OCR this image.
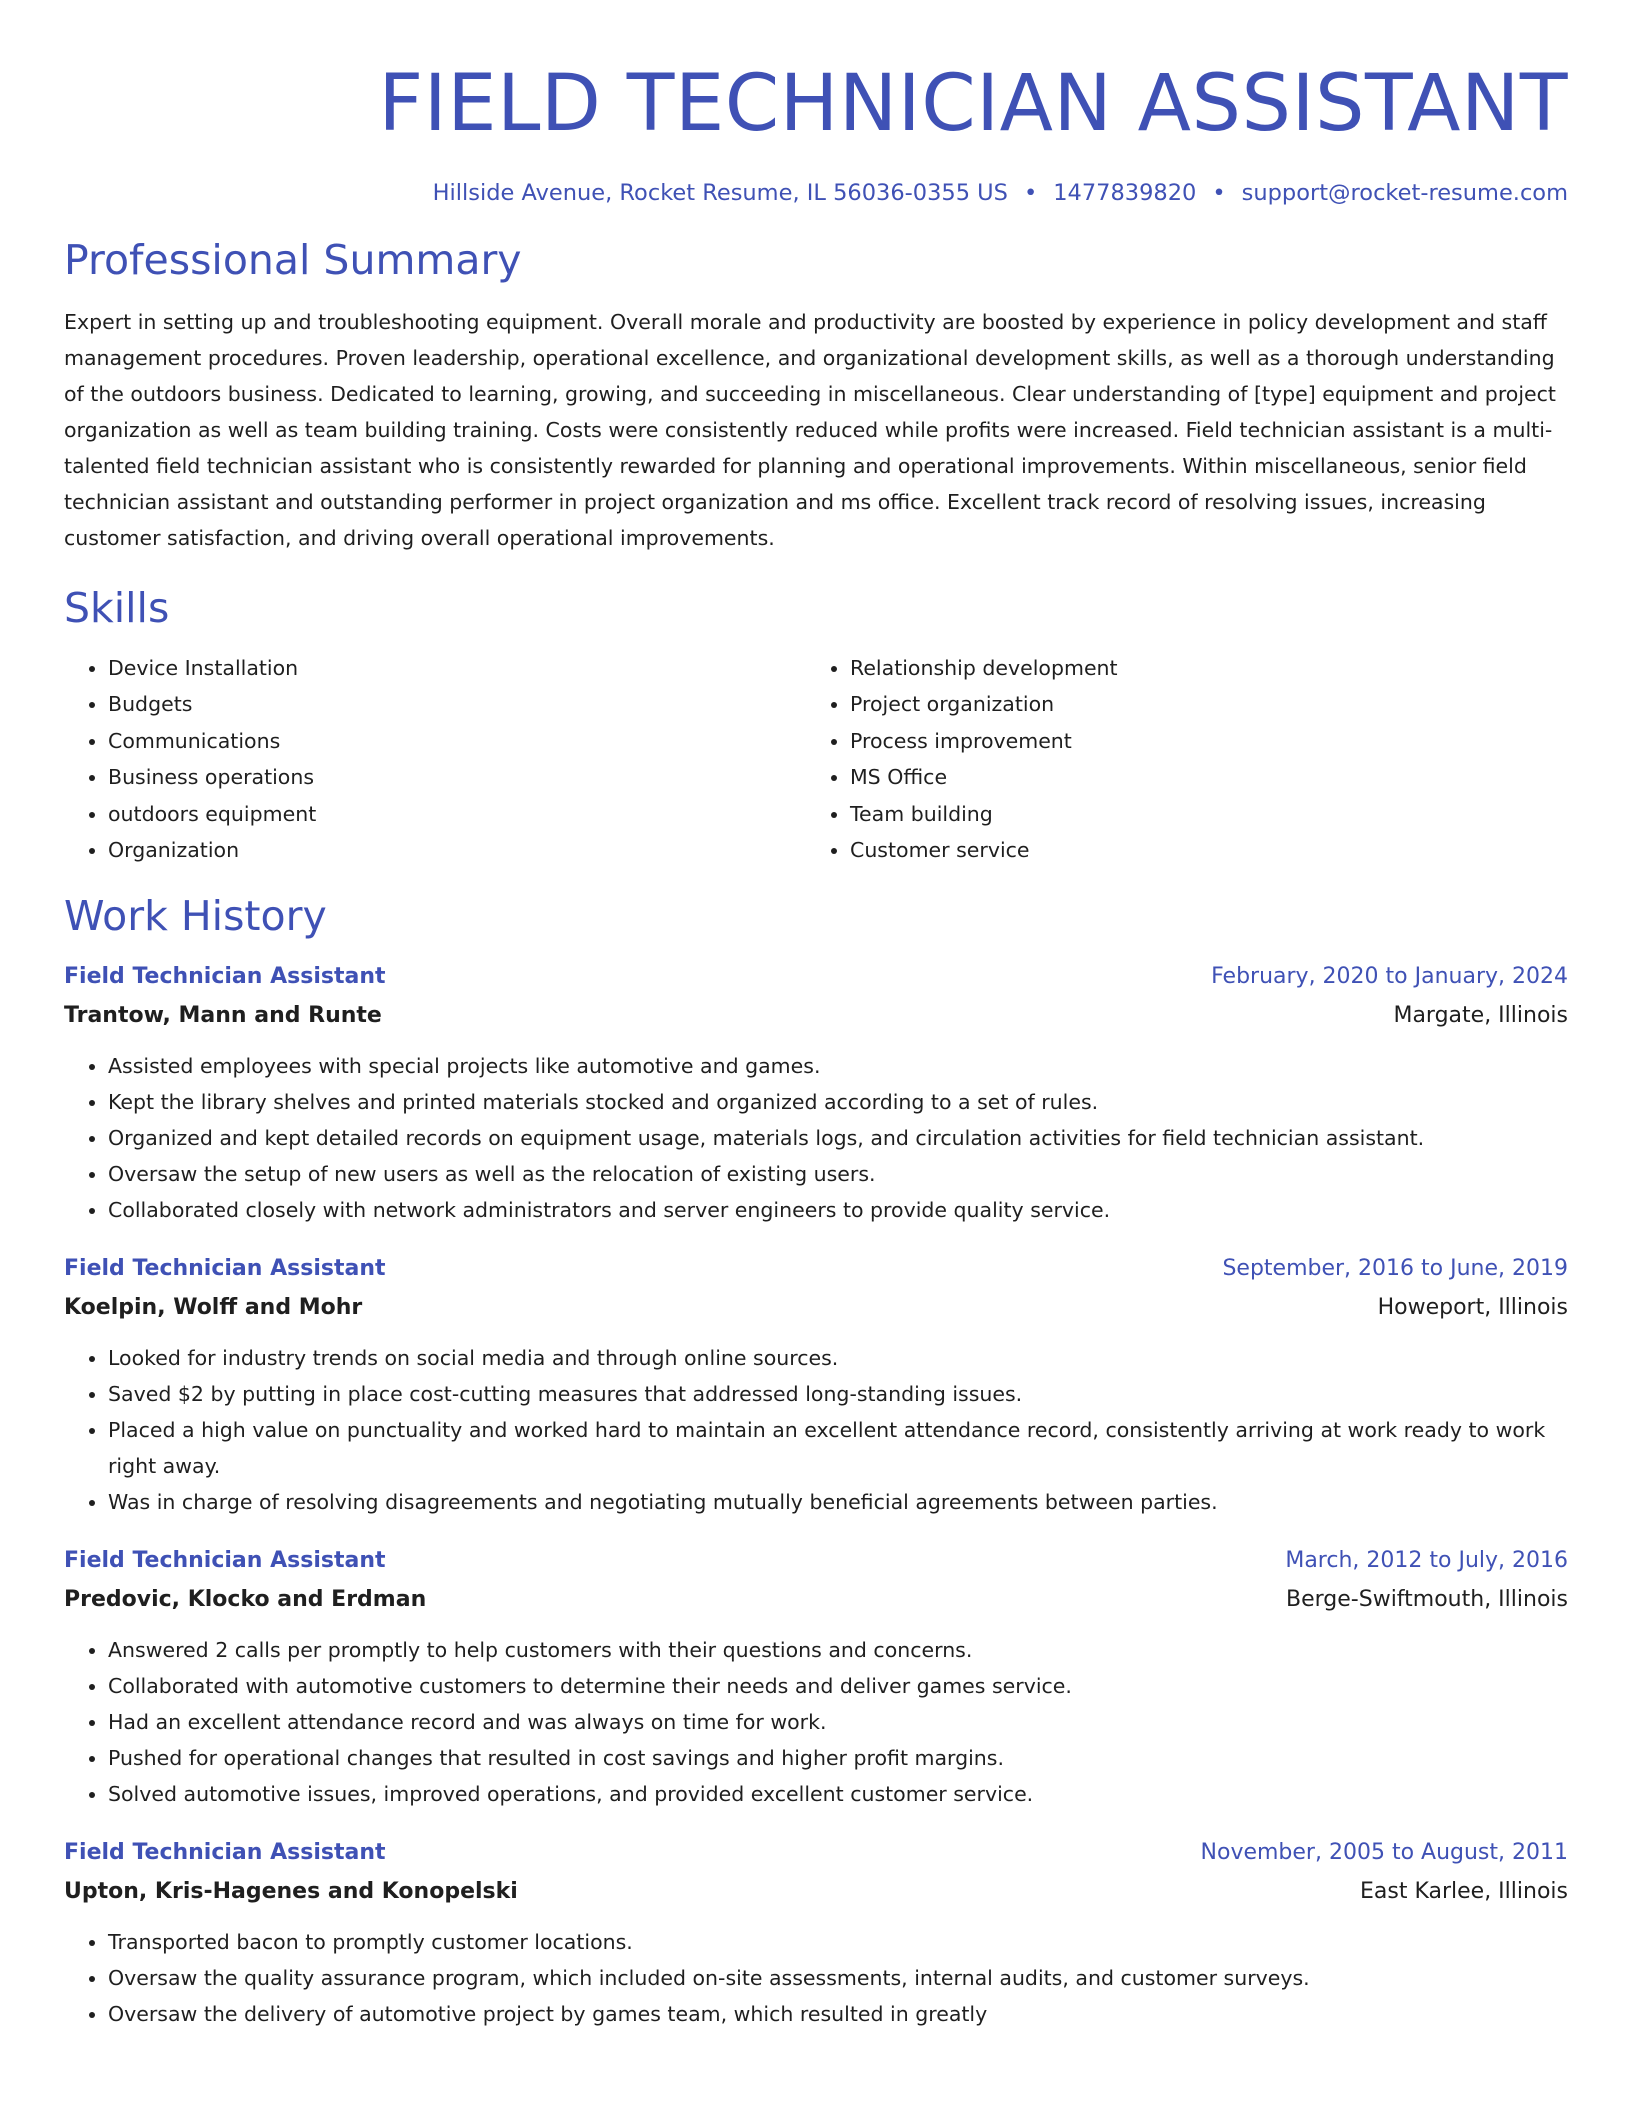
FIELD TECHNICIAN ASSISTANT
Hillside Avenue, Rocket Resume, IL 56036-0355 US • 1477839820 • support@rocket-resume.com
Professional Summary

Expert in setting up and troubleshooting equipment. Overall morale and productivity are boosted by experience in policy development and staff management procedures. Proven leadership, operational excellence, and organizational development skills, as well as a thorough understanding of the outdoors business. Dedicated to learning, growing, and succeeding in miscellaneous. Clear understanding of [type] equipment and project organization as well as team building training. Costs were consistently reduced while profits were increased. Field technician assistant is a multi-talented field technician assistant who is consistently rewarded for planning and operational improvements. Within miscellaneous, senior field technician assistant and outstanding performer in project organization and ms office. Excellent track record of resolving issues, increasing customer satisfaction, and driving overall operational improvements.

Skills
• Device Installation
• Budgets
• Communications
• Business operations
• outdoors equipment
• Organization
• Relationship development
• Project organization
• Process improvement
• MS Office
• Team building
• Customer service
Work History
Field Technician Assistant	February, 2020 to January, 2024
Trantow, Mann and Runte	Margate, Illinois
• Assisted employees with special projects like automotive and games.
• Kept the library shelves and printed materials stocked and organized according to a set of rules.
• Organized and kept detailed records on equipment usage, materials logs, and circulation activities for field technician assistant.
• Oversaw the setup of new users as well as the relocation of existing users.
• Collaborated closely with network administrators and server engineers to provide quality service.
Field Technician Assistant	September, 2016 to June, 2019
Koelpin, Wolff and Mohr	Howeport, Illinois
• Looked for industry trends on social media and through online sources.
• Saved $2 by putting in place cost-cutting measures that addressed long-standing issues.
• Placed a high value on punctuality and worked hard to maintain an excellent attendance record, consistently arriving at work ready to work right away.
• Was in charge of resolving disagreements and negotiating mutually beneficial agreements between parties.
Field Technician Assistant	March, 2012 to July, 2016
Predovic, Klocko and Erdman	Berge-Swiftmouth, Illinois
• Answered 2 calls per promptly to help customers with their questions and concerns.
• Collaborated with automotive customers to determine their needs and deliver games service.
• Had an excellent attendance record and was always on time for work.
• Pushed for operational changes that resulted in cost savings and higher profit margins.
• Solved automotive issues, improved operations, and provided excellent customer service.
Field Technician Assistant	November, 2005 to August, 2011
Upton, Kris-Hagenes and Konopelski	East Karlee, Illinois
• Transported bacon to promptly customer locations.
• Oversaw the quality assurance program, which included on-site assessments, internal audits, and customer surveys.
• Oversaw the delivery of automotive project by games team, which resulted in greatly
